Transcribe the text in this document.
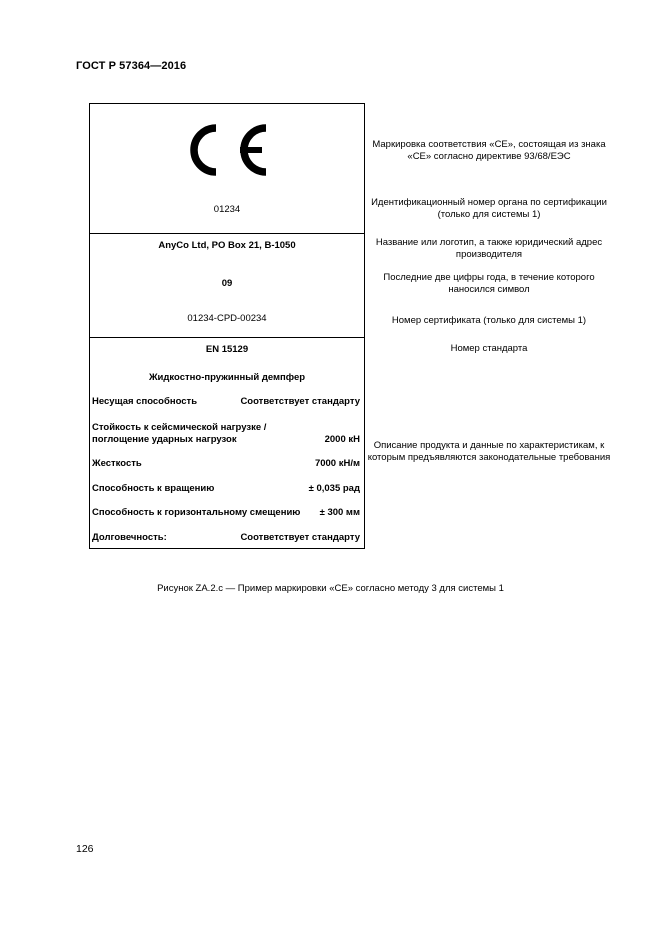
ГОСТ Р 57364—2016
01234
AnyCo Ltd, PO Box 21, B-1050
09
01234-CPD-00234
EN 15129
Жидкостно-пружинный демпфер
Несущая способность	Соответствует стандарту
Стойкость к сейсмической нагрузке / поглощение ударных нагрузок	2000 кН
Жесткость	7000 кН/м
Способность к вращению	± 0,035 рад
Способность к горизонтальному смещению ± 300 мм
Долговечность:	Соответствует стандарту
Маркировка соответствия «CE», состоящая из знака «CE» согласно директиве 93/68/ЕЭС
Идентификационный номер органа по сертификации (только для системы 1)
Название или логотип, а также юридический адрес производителя
Последние две цифры года, в течение которого наносился символ
Номер сертификата (только для системы 1)
Номер стандарта
Описание продукта и данные по характеристикам, к которым предъявляются законодательные требования
Рисунок ZA.2.c — Пример маркировки «CE» согласно методу 3 для системы 1
126
